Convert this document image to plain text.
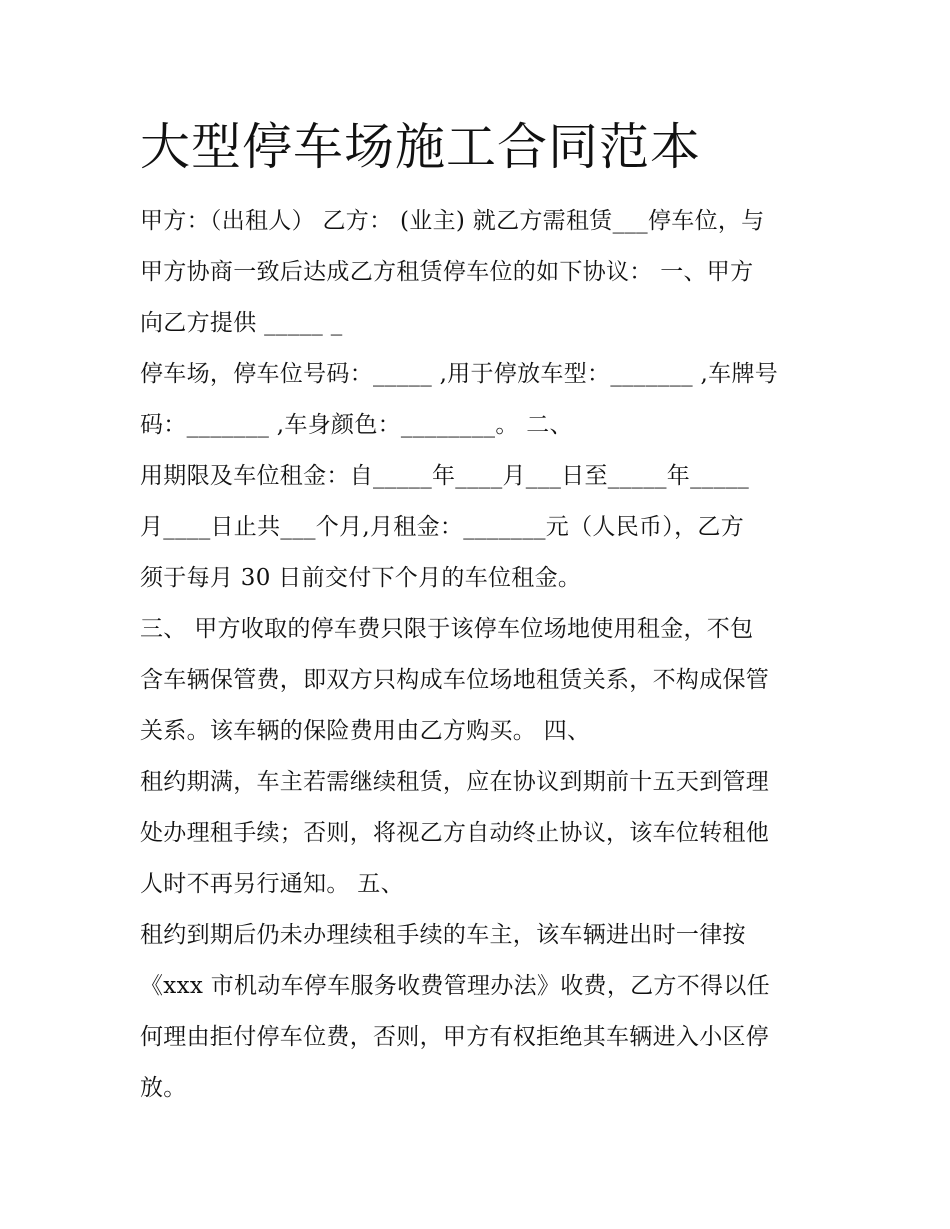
大型停车场施工合同范本
甲方：（出租人） 乙方： (业主) 就乙方需租赁___停车位，与
甲方协商一致后达成乙方租赁停车位的如下协议： 一、甲方
向乙方提供 _____ _
停车场，停车位号码：_____ ,用于停放车型：_______ ,车牌号
码：_______ ,车身颜色：________。 二、
用期限及车位租金：自_____年____月___日至_____年_____
月____日止共___个月,月租金：_______元（人民币），乙方
须于每月 30 日前交付下个月的车位租金。
三、 甲方收取的停车费只限于该停车位场地使用租金，不包
含车辆保管费，即双方只构成车位场地租赁关系，不构成保管
关系。该车辆的保险费用由乙方购买。 四、
租约期满，车主若需继续租赁，应在协议到期前十五天到管理
处办理租手续；否则，将视乙方自动终止协议，该车位转租他
人时不再另行通知。 五、
租约到期后仍未办理续租手续的车主，该车辆进出时一律按
《xxx 市机动车停车服务收费管理办法》收费，乙方不得以任
何理由拒付停车位费，否则，甲方有权拒绝其车辆进入小区停
放。
